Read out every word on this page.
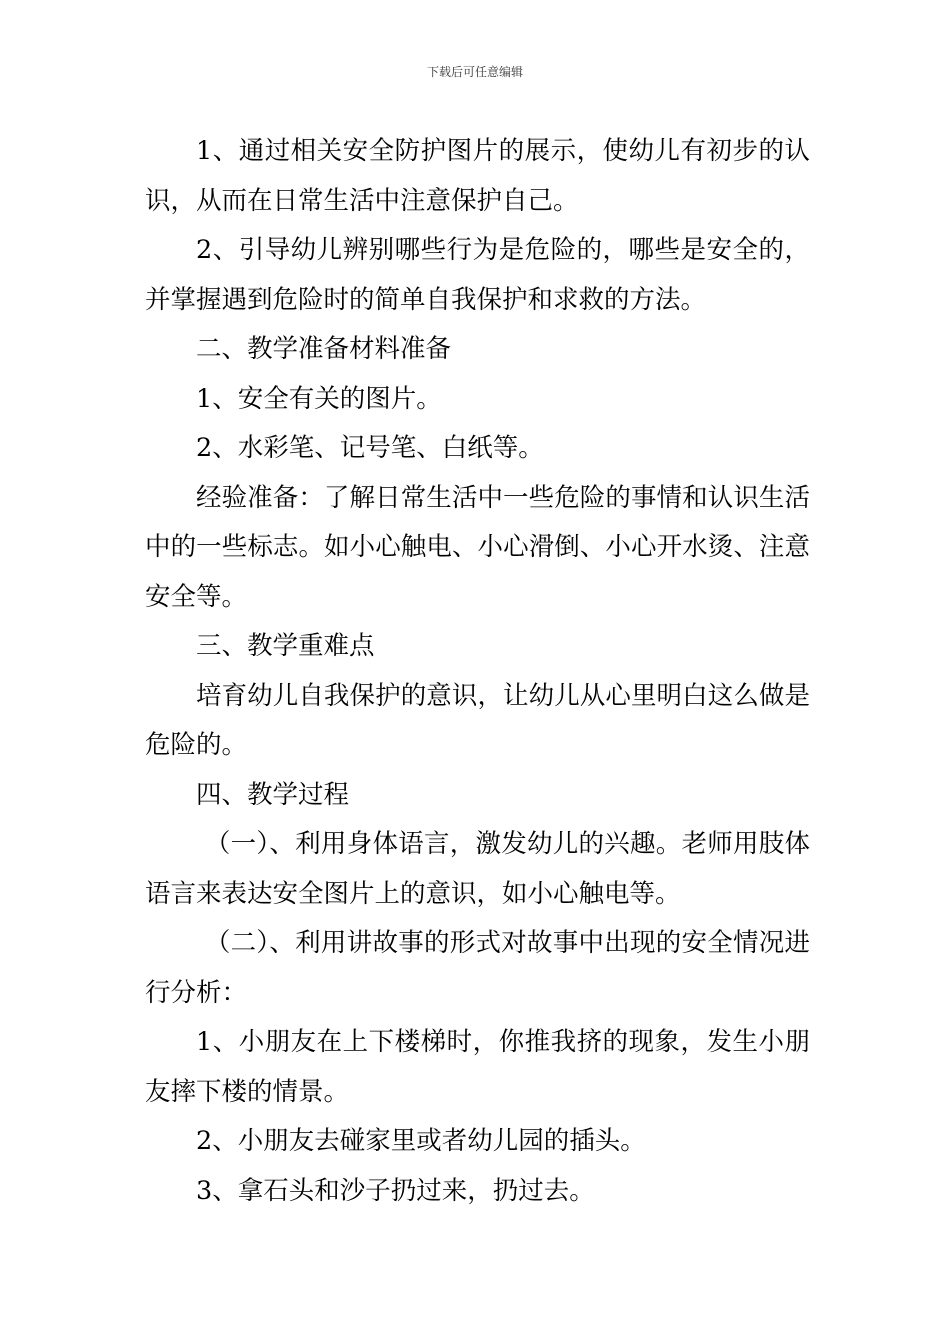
下载后可任意编辑

1、通过相关安全防护图片的展示，使幼儿有初步的认识，从而在日常生活中注意保护自己。

2、引导幼儿辨别哪些行为是危险的，哪些是安全的，并掌握遇到危险时的简单自我保护和求救的方法。

二、教学准备材料准备

1、安全有关的图片。

2、水彩笔、记号笔、白纸等。

经验准备：了解日常生活中一些危险的事情和认识生活中的一些标志。如小心触电、小心滑倒、小心开水烫、注意安全等。

三、教学重难点

培育幼儿自我保护的意识，让幼儿从心里明白这么做是危险的。

四、教学过程

（一）、利用身体语言，激发幼儿的兴趣。老师用肢体语言来表达安全图片上的意识，如小心触电等。

（二）、利用讲故事的形式对故事中出现的安全情况进行分析：

1、小朋友在上下楼梯时，你推我挤的现象，发生小朋友摔下楼的情景。

2、小朋友去碰家里或者幼儿园的插头。

3、拿石头和沙子扔过来，扔过去。
